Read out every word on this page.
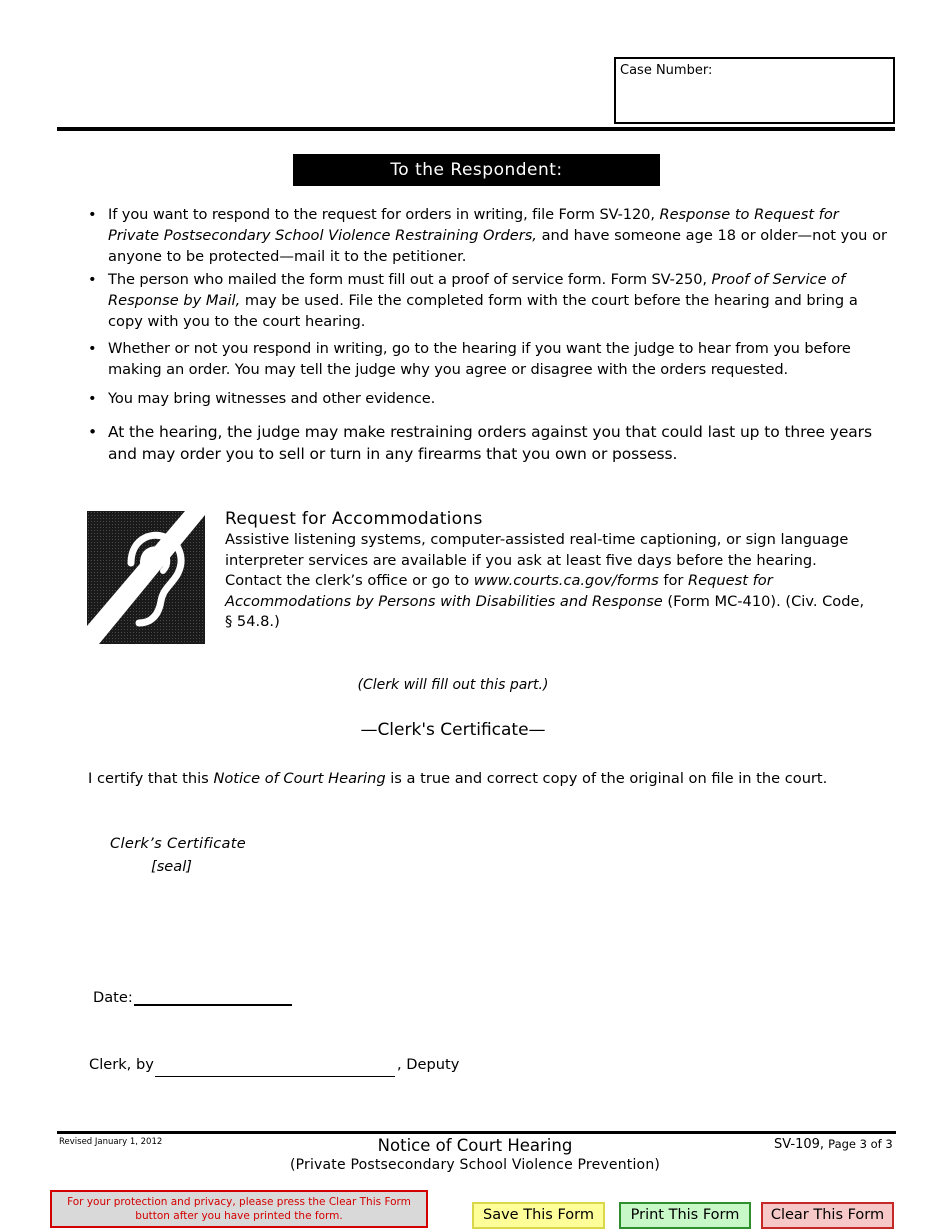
Case Number:
To the Respondent:
• If you want to respond to the request for orders in writing, file Form SV-120, Response to Request for Private Postsecondary School Violence Restraining Orders, and have someone age 18 or older—not you or anyone to be protected—mail it to the petitioner.
• The person who mailed the form must fill out a proof of service form. Form SV-250, Proof of Service of Response by Mail, may be used. File the completed form with the court before the hearing and bring a copy with you to the court hearing.
• Whether or not you respond in writing, go to the hearing if you want the judge to hear from you before making an order. You may tell the judge why you agree or disagree with the orders requested.
• You may bring witnesses and other evidence.
• At the hearing, the judge may make restraining orders against you that could last up to three years and may order you to sell or turn in any firearms that you own or possess.
Request for Accommodations
Assistive listening systems, computer-assisted real-time captioning, or sign language interpreter services are available if you ask at least five days before the hearing. Contact the clerk’s office or go to www.courts.ca.gov/forms for Request for Accommodations by Persons with Disabilities and Response (Form MC-410). (Civ. Code, § 54.8.)
(Clerk will fill out this part.)
—Clerk's Certificate—
I certify that this Notice of Court Hearing is a true and correct copy of the original on file in the court.
Clerk’s Certificate
[seal]
Date:
Clerk, by	, Deputy
Revised January 1, 2012	Notice of Court Hearing
(Private Postsecondary School Violence Prevention)
SV-109, Page 3 of 3
For your protection and privacy, please press the Clear This Form button after you have printed the form.	Save This Form	Print This Form	Clear This Form
